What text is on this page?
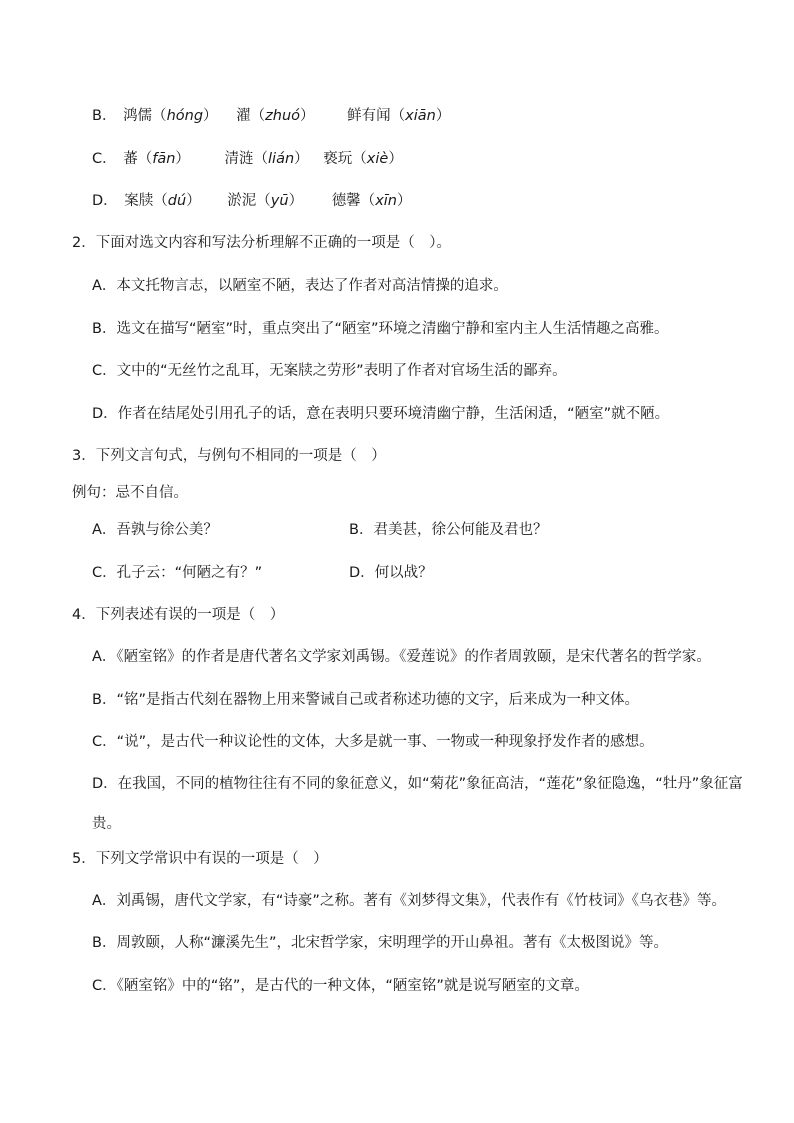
B． 鸿儒（hóng） 濯（zhuó） 鲜有闻（xiān）
C． 蕃（fān） 清涟（lián） 亵玩（xiè）
D． 案牍（dú） 淤泥（yū） 德馨（xīn）
2．下面对选文内容和写法分析理解不正确的一项是（　）。
A．本文托物言志，以陋室不陋，表达了作者对高洁情操的追求。
B．选文在描写“陋室”时，重点突出了“陋室”环境之清幽宁静和室内主人生活情趣之高雅。
C．文中的“无丝竹之乱耳，无案牍之劳形”表明了作者对官场生活的鄙弃。
D．作者在结尾处引用孔子的话，意在表明只要环境清幽宁静，生活闲适，“陋室”就不陋。
3．下列文言句式，与例句不相同的一项是（　）
例句：忌不自信。
A．吾孰与徐公美？	B．君美甚，徐公何能及君也？
C．孔子云：“何陋之有？”	D．何以战？
4．下列表述有误的一项是（　）
A．《陋室铭》的作者是唐代著名文学家刘禹锡。《爱莲说》的作者周敦颐，是宋代著名的哲学家。
B．“铭”是指古代刻在器物上用来警诫自己或者称述功德的文字，后来成为一种文体。
C．“说”，是古代一种议论性的文体，大多是就一事、一物或一种现象抒发作者的感想。
D．在我国，不同的植物往往有不同的象征意义，如“菊花”象征高洁，“莲花”象征隐逸，“牡丹”象征富
贵。
5．下列文学常识中有误的一项是（　）
A．刘禹锡，唐代文学家，有“诗豪”之称。著有《刘梦得文集》，代表作有《竹枝词》《乌衣巷》等。
B．周敦颐，人称“濂溪先生”，北宋哲学家，宋明理学的开山鼻祖。著有《太极图说》等。
C．《陋室铭》中的“铭”，是古代的一种文体，“陋室铭”就是说写陋室的文章。
